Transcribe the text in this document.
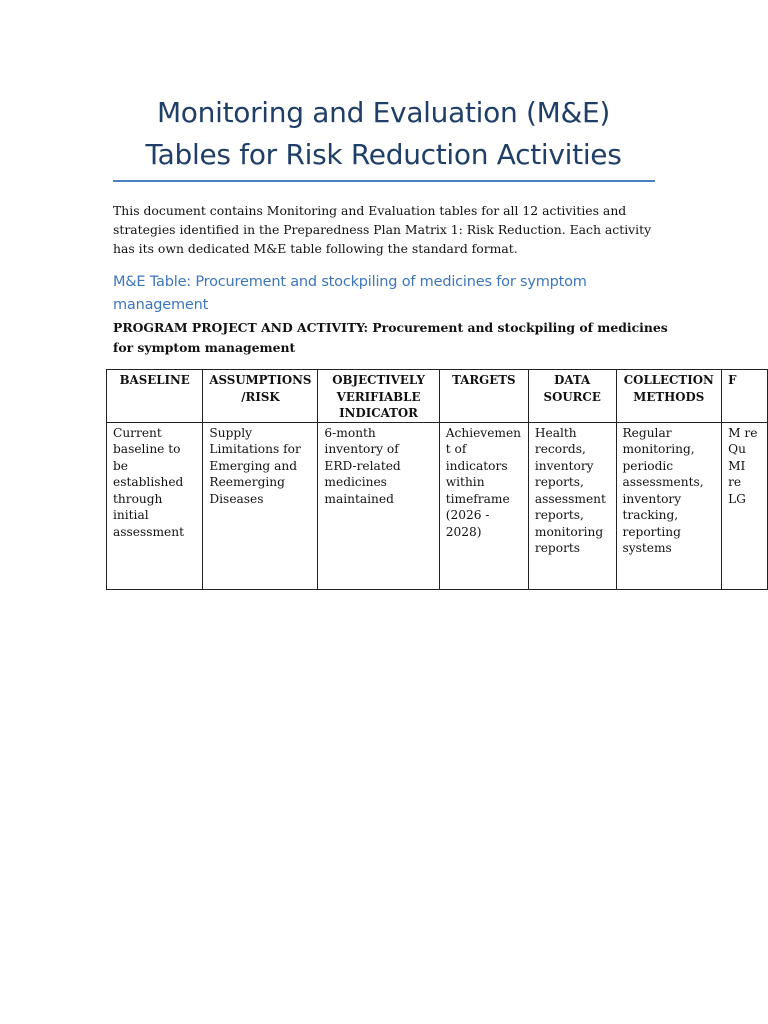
Monitoring and Evaluation (M&E)
Tables for Risk Reduction Activities

This document contains Monitoring and Evaluation tables for all 12 activities and strategies identified in the Preparedness Plan Matrix 1: Risk Reduction. Each activity has its own dedicated M&E table following the standard format.

M&E Table: Procurement and stockpiling of medicines for symptom management

PROGRAM PROJECT AND ACTIVITY: Procurement and stockpiling of medicines for symptom management

BASELINE	ASSUMPTIONS /RISK	OBJECTIVELY VERIFIABLE INDICATOR	TARGETS	DATA SOURCE	COLLECTION METHODS	F
Current baseline to be established through initial assessment	Supply Limitations for Emerging and Reemerging Diseases	6-month inventory of ERD-related medicines maintained	Achievemen t of indicators within timeframe (2026 - 2028)	Health records, inventory reports, assessment reports, monitoring reports	Regular monitoring, periodic assessments, inventory tracking, reporting systems	M re Qu MI re LG
